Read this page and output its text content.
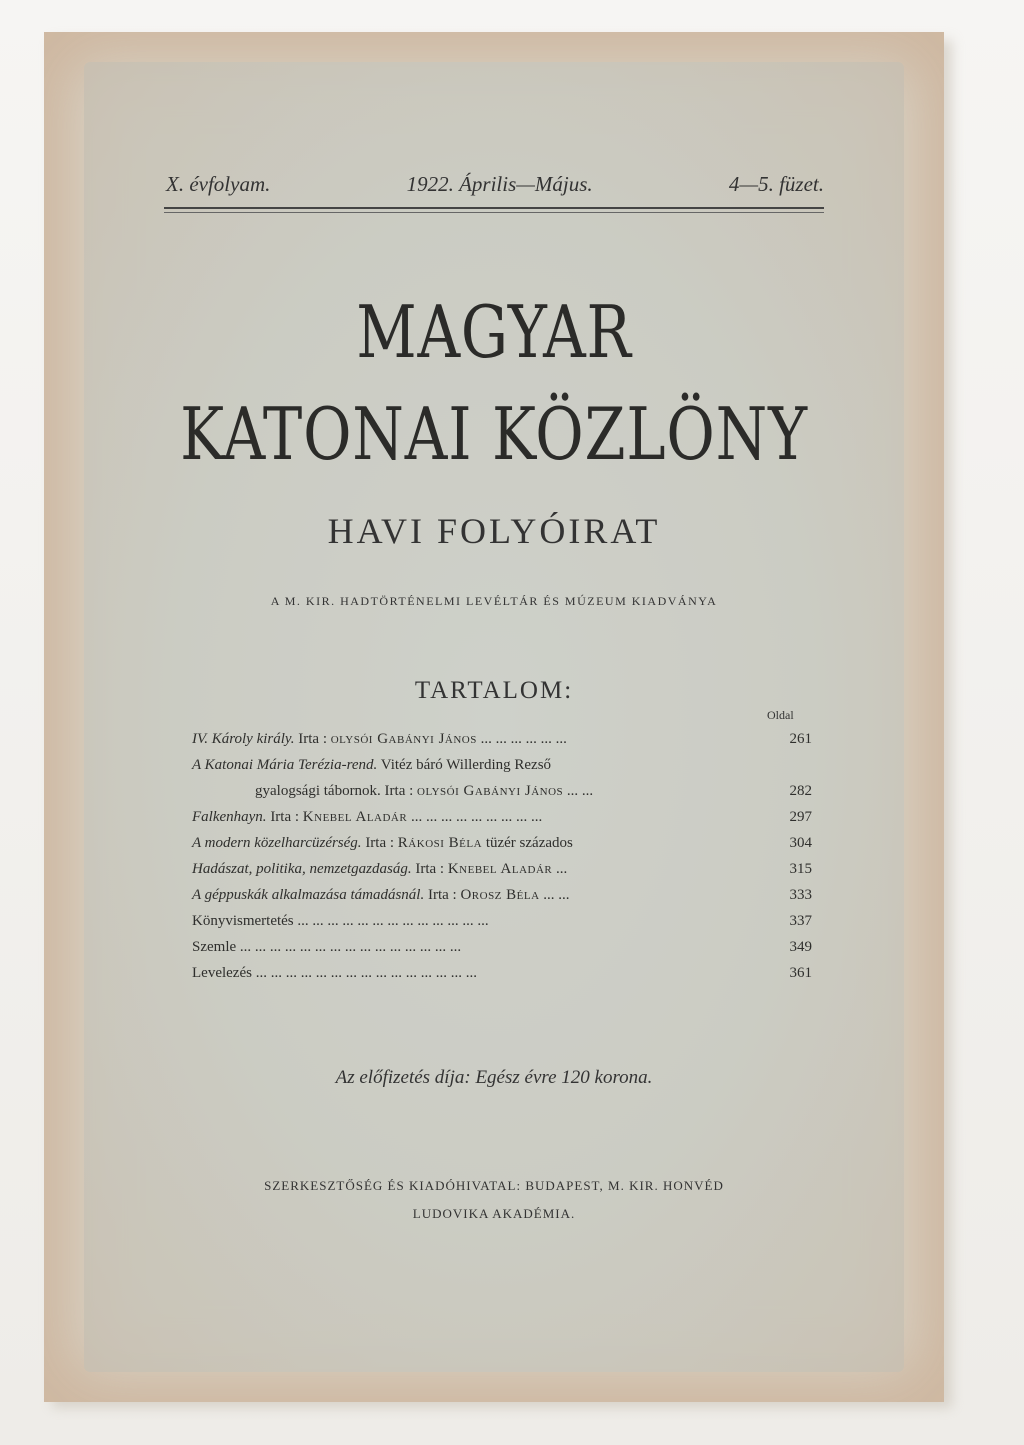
X. évfolyam.	1922. Április—Május.	4—5. füzet.
MAGYAR
KATONAI KÖZLÖNY
HAVI FOLYÓIRAT
A M. KIR. HADTÖRTÉNELMI LEVÉLTÁR ÉS MÚZEUM KIADVÁNYA
TARTALOM:
Oldal
IV. Károly király. Irta : olysói Gabányi János ... ... ... ... ... ...	261
A Katonai Mária Terézia-rend. Vitéz báró Willerding Rezső
gyalogsági tábornok. Irta : olysói Gabányi János ... ...	282
Falkenhayn. Irta : Knebel Aladár ... ... ... ... ... ... ... ... ...	297
A modern közelharcüzérség. Irta : Rákosi Béla tüzér százados	304
Hadászat, politika, nemzetgazdaság. Irta : Knebel Aladár ...	315
A géppuskák alkalmazása támadásnál. Irta : Orosz Béla ... ...	333
Könyvismertetés ... ... ... ... ... ... ... ... ... ... ... ... ...	337
Szemle ... ... ... ... ... ... ... ... ... ... ... ... ... ... ...	349
Levelezés ... ... ... ... ... ... ... ... ... ... ... ... ... ... ...	361
Az előfizetés díja: Egész évre 120 korona.
SZERKESZTŐSÉG ÉS KIADÓHIVATAL: BUDAPEST, M. KIR. HONVÉD
LUDOVIKA AKADÉMIA.
